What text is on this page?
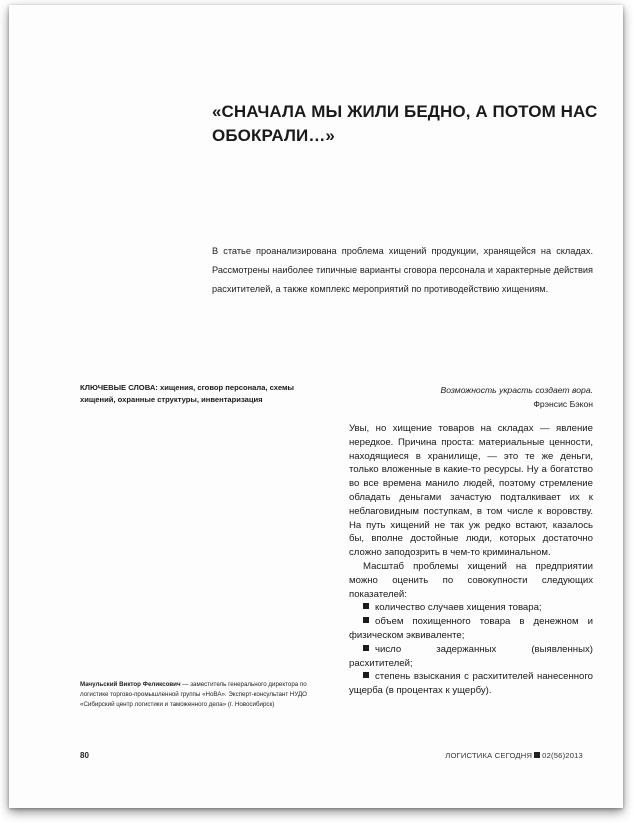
«СНАЧАЛА МЫ ЖИЛИ БЕДНО, А ПОТОМ НАС ОБОКРАЛИ…»
В статье проанализирована проблема хищений продукции, хранящейся на складах. Рассмотрены наиболее типичные варианты сговора персонала и характерные действия расхитителей, а также комплекс мероприятий по противодействию хищениям.
КЛЮЧЕВЫЕ СЛОВА: хищения, сговор персонала, схемы хищений, охранные структуры, инвентаризация
Возможность украсть создает вора.
Фрэнсис Бэкон

Увы, но хищение товаров на складах — явление нередкое. Причина проста: материальные ценности, находящиеся в хранилище, — это те же деньги, только вложенные в какие-то ресурсы. Ну а богатство во все времена манило людей, поэтому стремление обладать деньгами зачастую подталкивает их к неблаговидным поступкам, в том числе к воровству. На путь хищений не так уж редко встают, казалось бы, вполне достойные люди, которых достаточно сложно заподозрить в чем-то криминальном.

Масштаб проблемы хищений на предприятии можно оценить по совокупности следующих показателей:

количество случаев хищения товара;
объем похищенного товара в денежном и физическом эквиваленте;
число задержанных (выявленных) расхитителей;
степень взыскания с расхитителей нанесенного ущерба (в процентах к ущербу).
Мачульский Виктор Феликсович — заместитель генерального директора по логистике торгово-промышленной группы «НоВА». Эксперт-консультант НУДО «Сибирский центр логистики и таможенного дела» (г. Новосибирск)
80	ЛОГИСТИКА СЕГОДНЯ 02(56)2013
